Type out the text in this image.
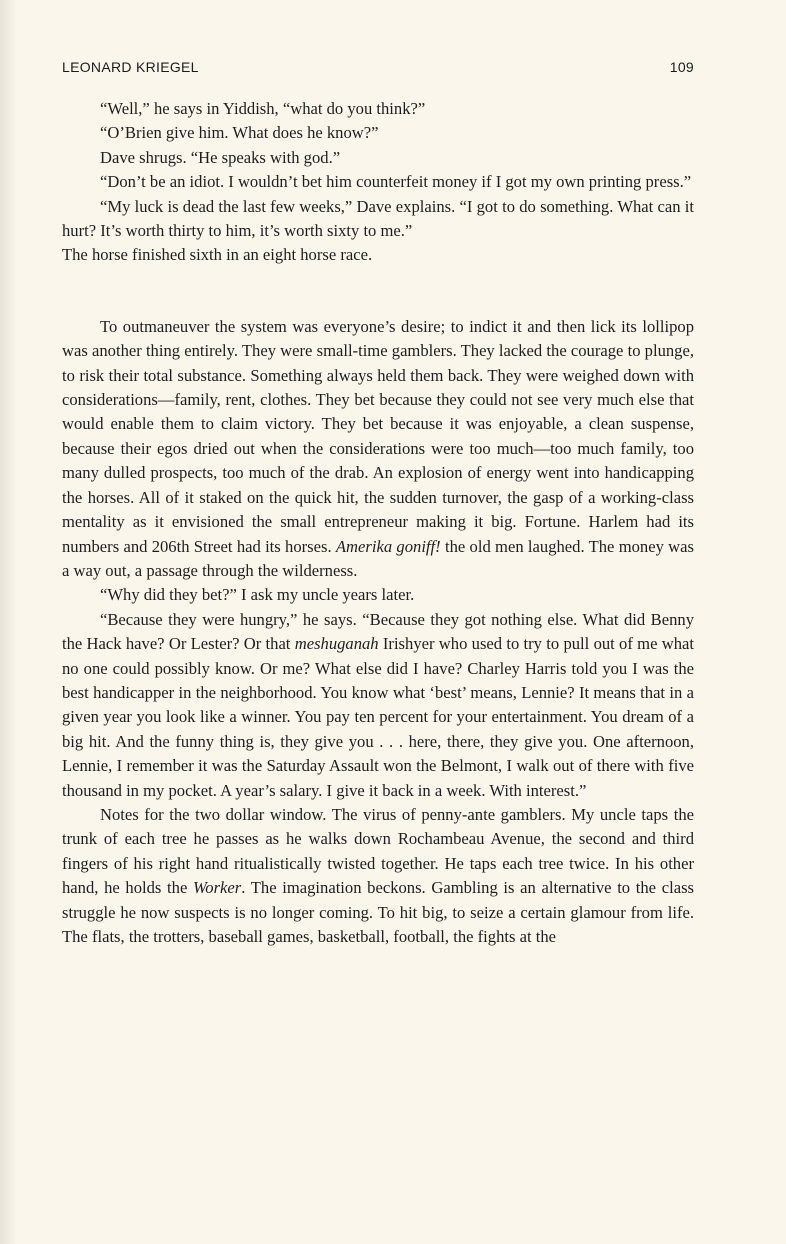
LEONARD KRIEGEL	109

“Well,” he says in Yiddish, “what do you think?”

“O’Brien give him. What does he know?”

Dave shrugs. “He speaks with god.”

“Don’t be an idiot. I wouldn’t bet him counterfeit money if I got my own printing press.”

“My luck is dead the last few weeks,” Dave explains. “I got to do something. What can it hurt? It’s worth thirty to him, it’s worth sixty to me.”

The horse finished sixth in an eight horse race.

To outmaneuver the system was everyone’s desire; to indict it and then lick its lollipop was another thing entirely. They were small-time gamblers. They lacked the courage to plunge, to risk their total substance. Something always held them back. They were weighed down with considerations—family, rent, clothes. They bet because they could not see very much else that would enable them to claim victory. They bet because it was enjoyable, a clean suspense, because their egos dried out when the considerations were too much—too much family, too many dulled prospects, too much of the drab. An explosion of energy went into handicapping the horses. All of it staked on the quick hit, the sudden turnover, the gasp of a working-class mentality as it envisioned the small entrepreneur making it big. Fortune. Harlem had its numbers and 206th Street had its horses. Amerika goniff! the old men laughed. The money was a way out, a passage through the wilderness.

“Why did they bet?” I ask my uncle years later.

“Because they were hungry,” he says. “Because they got nothing else. What did Benny the Hack have? Or Lester? Or that meshuganah Irishyer who used to try to pull out of me what no one could possibly know. Or me? What else did I have? Charley Harris told you I was the best handicapper in the neighborhood. You know what ‘best’ means, Lennie? It means that in a given year you look like a winner. You pay ten percent for your entertainment. You dream of a big hit. And the funny thing is, they give you . . . here, there, they give you. One afternoon, Lennie, I remember it was the Saturday Assault won the Belmont, I walk out of there with five thousand in my pocket. A year’s salary. I give it back in a week. With interest.”

Notes for the two dollar window. The virus of penny-ante gamblers. My uncle taps the trunk of each tree he passes as he walks down Rochambeau Avenue, the second and third fingers of his right hand ritualistically twisted together. He taps each tree twice. In his other hand, he holds the Worker. The imagination beckons. Gambling is an alternative to the class struggle he now suspects is no longer coming. To hit big, to seize a certain glamour from life. The flats, the trotters, baseball games, basketball, football, the fights at the
